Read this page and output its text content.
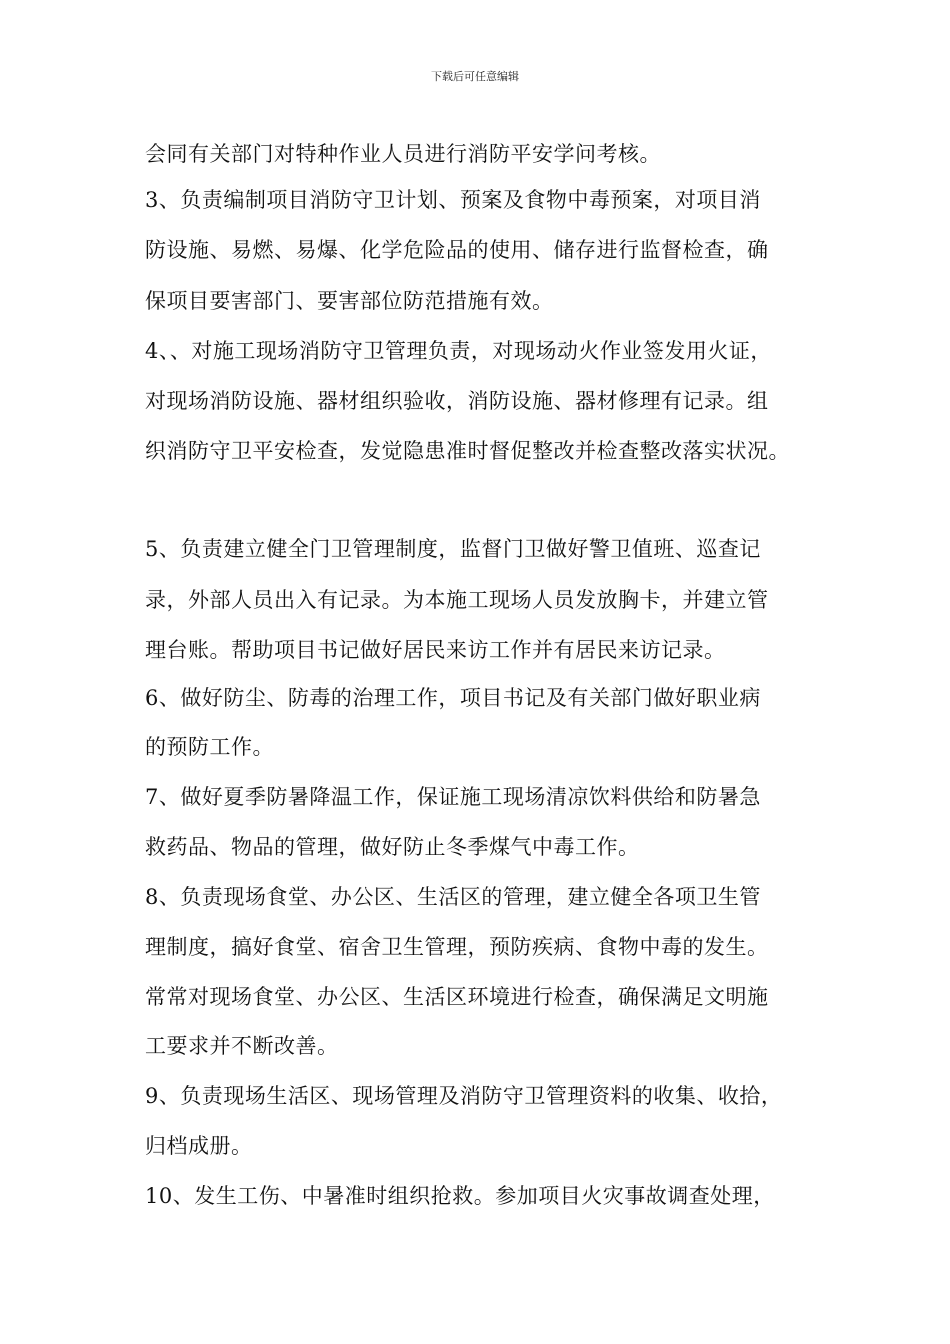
下载后可任意编辑
会同有关部门对特种作业人员进行消防平安学问考核。
3、负责编制项目消防守卫计划、预案及食物中毒预案，对项目消
防设施、易燃、易爆、化学危险品的使用、储存进行监督检查，确
保项目要害部门、要害部位防范措施有效。
4、、对施工现场消防守卫管理负责，对现场动火作业签发用火证，
对现场消防设施、器材组织验收，消防设施、器材修理有记录。组
织消防守卫平安检查，发觉隐患准时督促整改并检查整改落实状况。
5、负责建立健全门卫管理制度，监督门卫做好警卫值班、巡查记
录，外部人员出入有记录。为本施工现场人员发放胸卡，并建立管
理台账。帮助项目书记做好居民来访工作并有居民来访记录。
6、做好防尘、防毒的治理工作，项目书记及有关部门做好职业病
的预防工作。
7、做好夏季防暑降温工作，保证施工现场清凉饮料供给和防暑急
救药品、物品的管理，做好防止冬季煤气中毒工作。
8、负责现场食堂、办公区、生活区的管理，建立健全各项卫生管
理制度，搞好食堂、宿舍卫生管理，预防疾病、食物中毒的发生。
常常对现场食堂、办公区、生活区环境进行检查，确保满足文明施
工要求并不断改善。
9、负责现场生活区、现场管理及消防守卫管理资料的收集、收拾，
归档成册。
10、发生工伤、中暑准时组织抢救。参加项目火灾事故调查处理，
